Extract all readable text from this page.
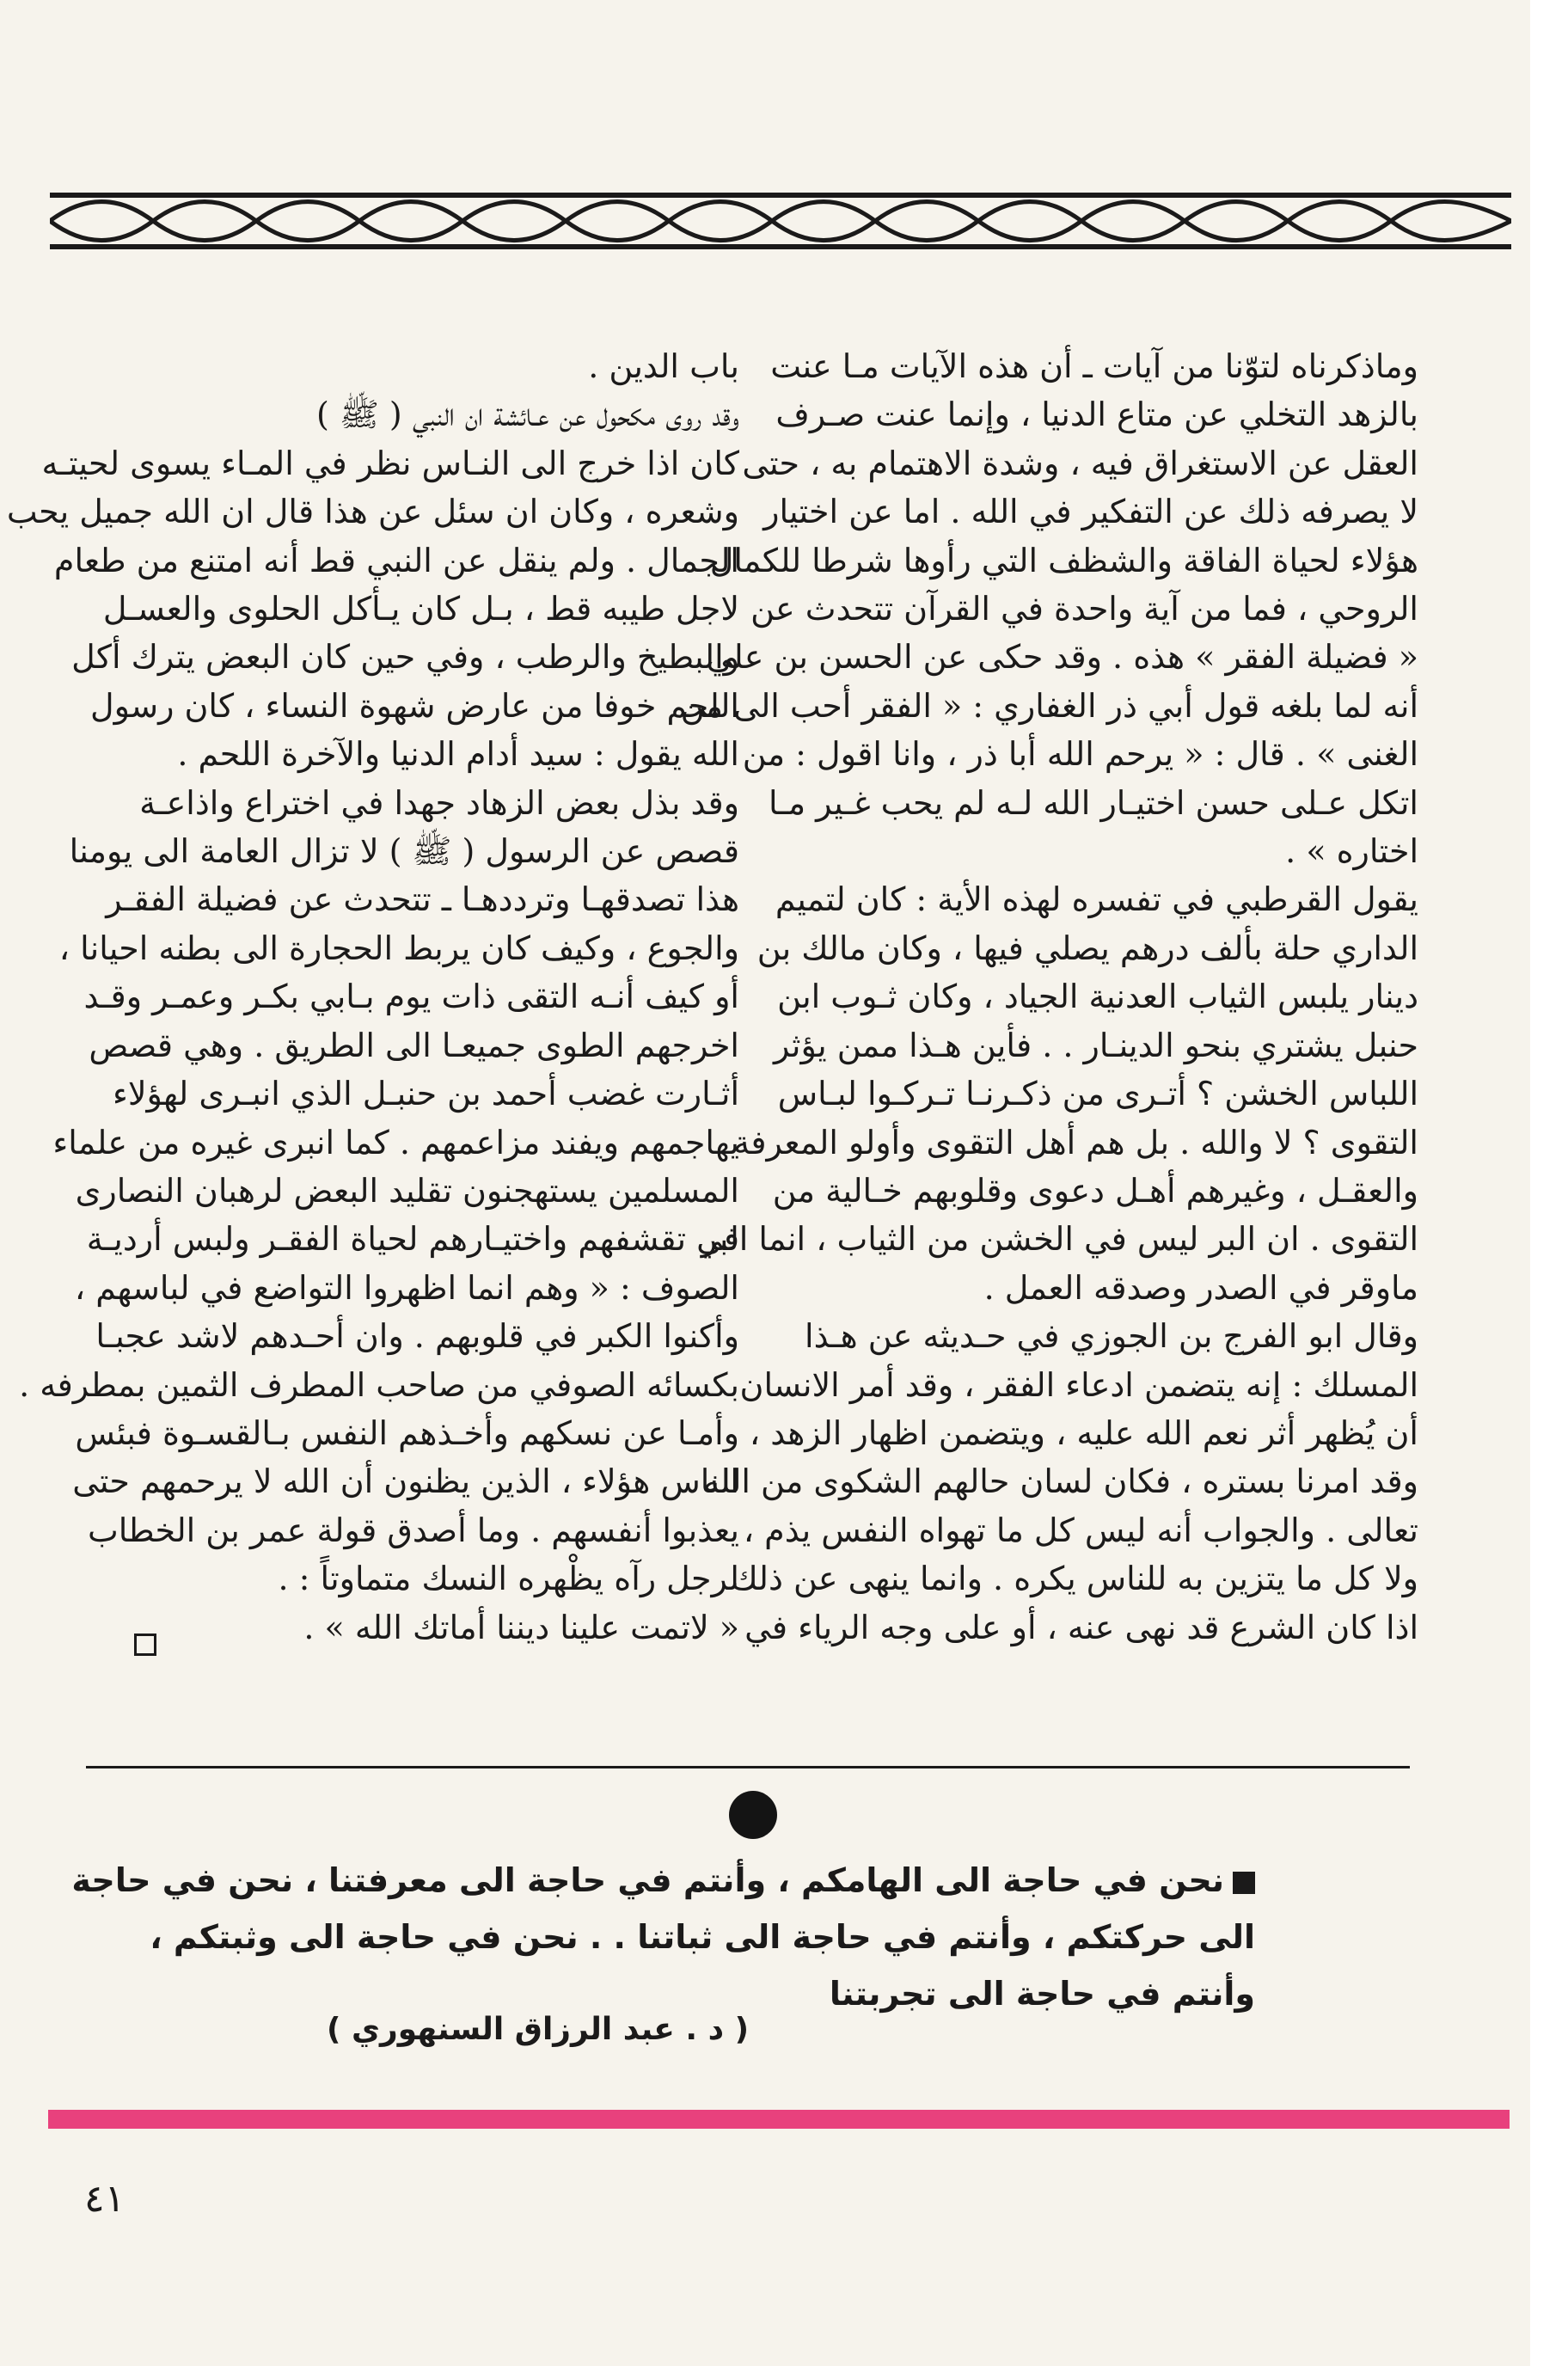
وماذكرناه لتوّنا من آيات ـ أن هذه الآيات مـا عنت
بالزهد التخلي عن متاع الدنيا ، وإنما عنت صـرف
العقل عن الاستغراق فيه ، وشدة الاهتمام به ، حتى
لا يصرفه ذلك عن التفكير في الله . اما عن اختيار
هؤلاء لحياة الفاقة والشظف التي رأوها شرطا للكمال
الروحي ، فما من آية واحدة في القرآن تتحدث عن
« فضيلة الفقر » هذه . وقد حكى عن الحسن بن علي
أنه لما بلغه قول أبي ذر الغفاري : « الفقر أحب الى من
الغنى » . قال : « يرحم الله أبا ذر ، وانا اقول : من
اتكل عـلى حسن اختيـار الله لـه لم يحب غـير مـا
اختاره » .
يقول القرطبي في تفسره لهذه الأية : كان لتميم
الداري حلة بألف درهم يصلي فيها ، وكان مالك بن
دينار يلبس الثياب العدنية الجياد ، وكان ثـوب ابن
حنبل يشتري بنحو الدينـار . . فأين هـذا ممن يؤثر
اللباس الخشن ؟ أتـرى من ذكـرنـا تـركـوا لبـاس
التقوى ؟ لا والله . بل هم أهل التقوى وأولو المعرفة
والعقـل ، وغيرهم أهـل دعوى وقلوبهم خـالية من
التقوى . ان البر ليس في الخشن من الثياب ، انما البر
ماوقر في الصدر وصدقه العمل .
وقال ابو الفرج بن الجوزي في حـديثه عن هـذا
المسلك : إنه يتضمن ادعاء الفقر ، وقد أمر الانسان
أن يُظهر أثر نعم الله عليه ، ويتضمن اظهار الزهد ،
وقد امرنا بستره ، فكان لسان حالهم الشكوى من الله
تعالى . والجواب أنه ليس كل ما تهواه النفس يذم ،
ولا كل ما يتزين به للناس يكره . وانما ينهى عن ذلك
اذا كان الشرع قد نهى عنه ، أو على وجه الرياء في
باب الدين .
وقد روى مكحول عن عـائشة ان النبي ( ﷺ )
كان اذا خرج الى النـاس نظر في المـاء يسوى لحيتـه
وشعره ، وكان ان سئل عن هذا قال ان الله جميل يحب
الجمال . ولم ينقل عن النبي قط أنه امتنع من طعام
لاجل طيبه قط ، بـل كان يـأكل الحلوى والعسـل
والبطيخ والرطب ، وفي حين كان البعض يترك أكل
اللحم خوفا من عارض شهوة النساء ، كان رسول
الله يقول : سيد أدام الدنيا والآخرة اللحم .
وقد بذل بعض الزهاد جهدا في اختراع واذاعـة
قصص عن الرسول ( ﷺ ) لا تزال العامة الى يومنا
هذا تصدقهـا وترددهـا ـ تتحدث عن فضيلة الفقـر
والجوع ، وكيف كان يربط الحجارة الى بطنه احيانا ،
أو كيف أنـه التقى ذات يوم بـابي بكـر وعمـر وقـد
اخرجهم الطوى جميعـا الى الطريق . وهي قصص
أثـارت غضب أحمد بن حنبـل الذي انبـرى لهؤلاء
يهاجمهم ويفند مزاعمهم . كما انبرى غيره من علماء
المسلمين يستهجنون تقليد البعض لرهبان النصارى
في تقشفهم واختيـارهم لحياة الفقـر ولبس أرديـة
الصوف : « وهم انما اظهروا التواضع في لباسهم ،
وأكنوا الكبر في قلوبهم . وان أحـدهم لاشد عجبـا
بكسائه الصوفي من صاحب المطرف الثمين بمطرفه .
وأمـا عن نسكهم وأخـذهم النفس بـالقسـوة فبئس
الناس هؤلاء ، الذين يظنون أن الله لا يرحمهم حتى
يعذبوا أنفسهم . وما أصدق قولة عمر بن الخطاب
لرجل رآه يظْهره النسك متماوتاً : .
« لاتمت علينا ديننا أماتك الله » .
نحن في حاجة الى الهامكم ، وأنتم في حاجة الى معرفتنا ، نحن في حاجة
الى حركتكم ، وأنتم في حاجة الى ثباتنا . . نحن في حاجة الى وثبتكم ،
وأنتم في حاجة الى تجربتنا
( د . عبد الرزاق السنهوري )
٤١
